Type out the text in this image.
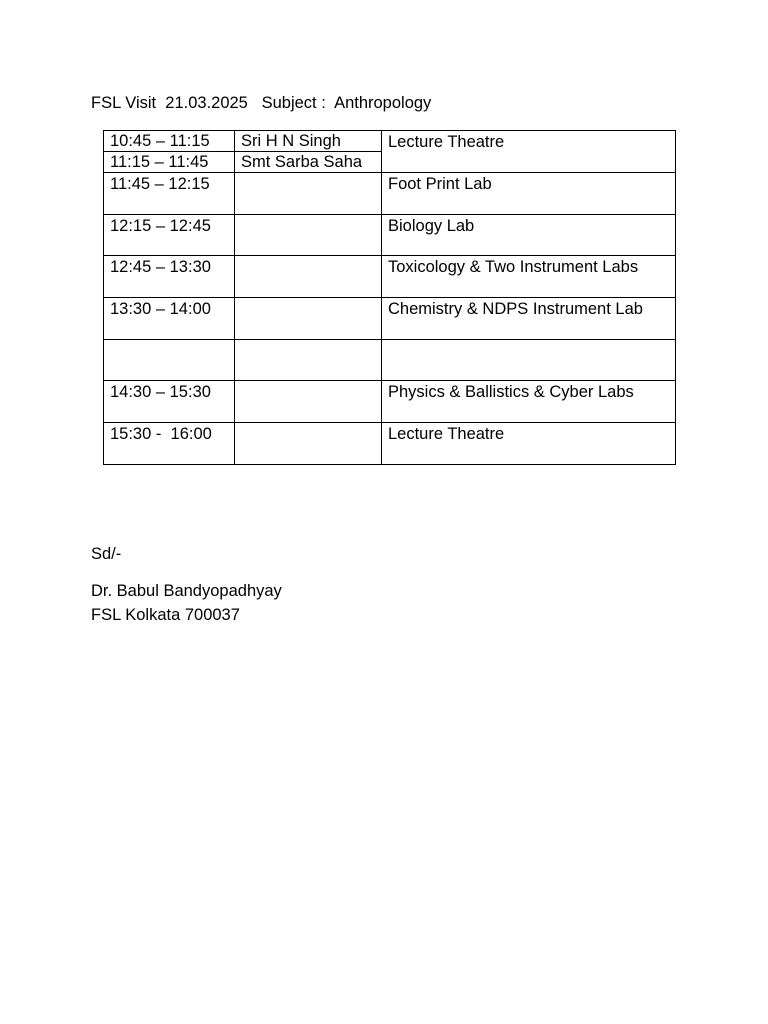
FSL Visit  21.03.2025   Subject :  Anthropology
10:45 – 11:15	Sri H N Singh	Lecture Theatre
11:15 – 11:45	Smt Sarba Saha	
11:45 – 12:15		Foot Print Lab
12:15 – 12:45		Biology Lab
12:45 – 13:30		Toxicology & Two Instrument Labs
13:30 – 14:00		Chemistry & NDPS Instrument Lab

14:30 – 15:30		Physics & Ballistics & Cyber Labs
15:30 -  16:00		Lecture Theatre
Sd/-
Dr. Babul Bandyopadhyay
FSL Kolkata 700037
